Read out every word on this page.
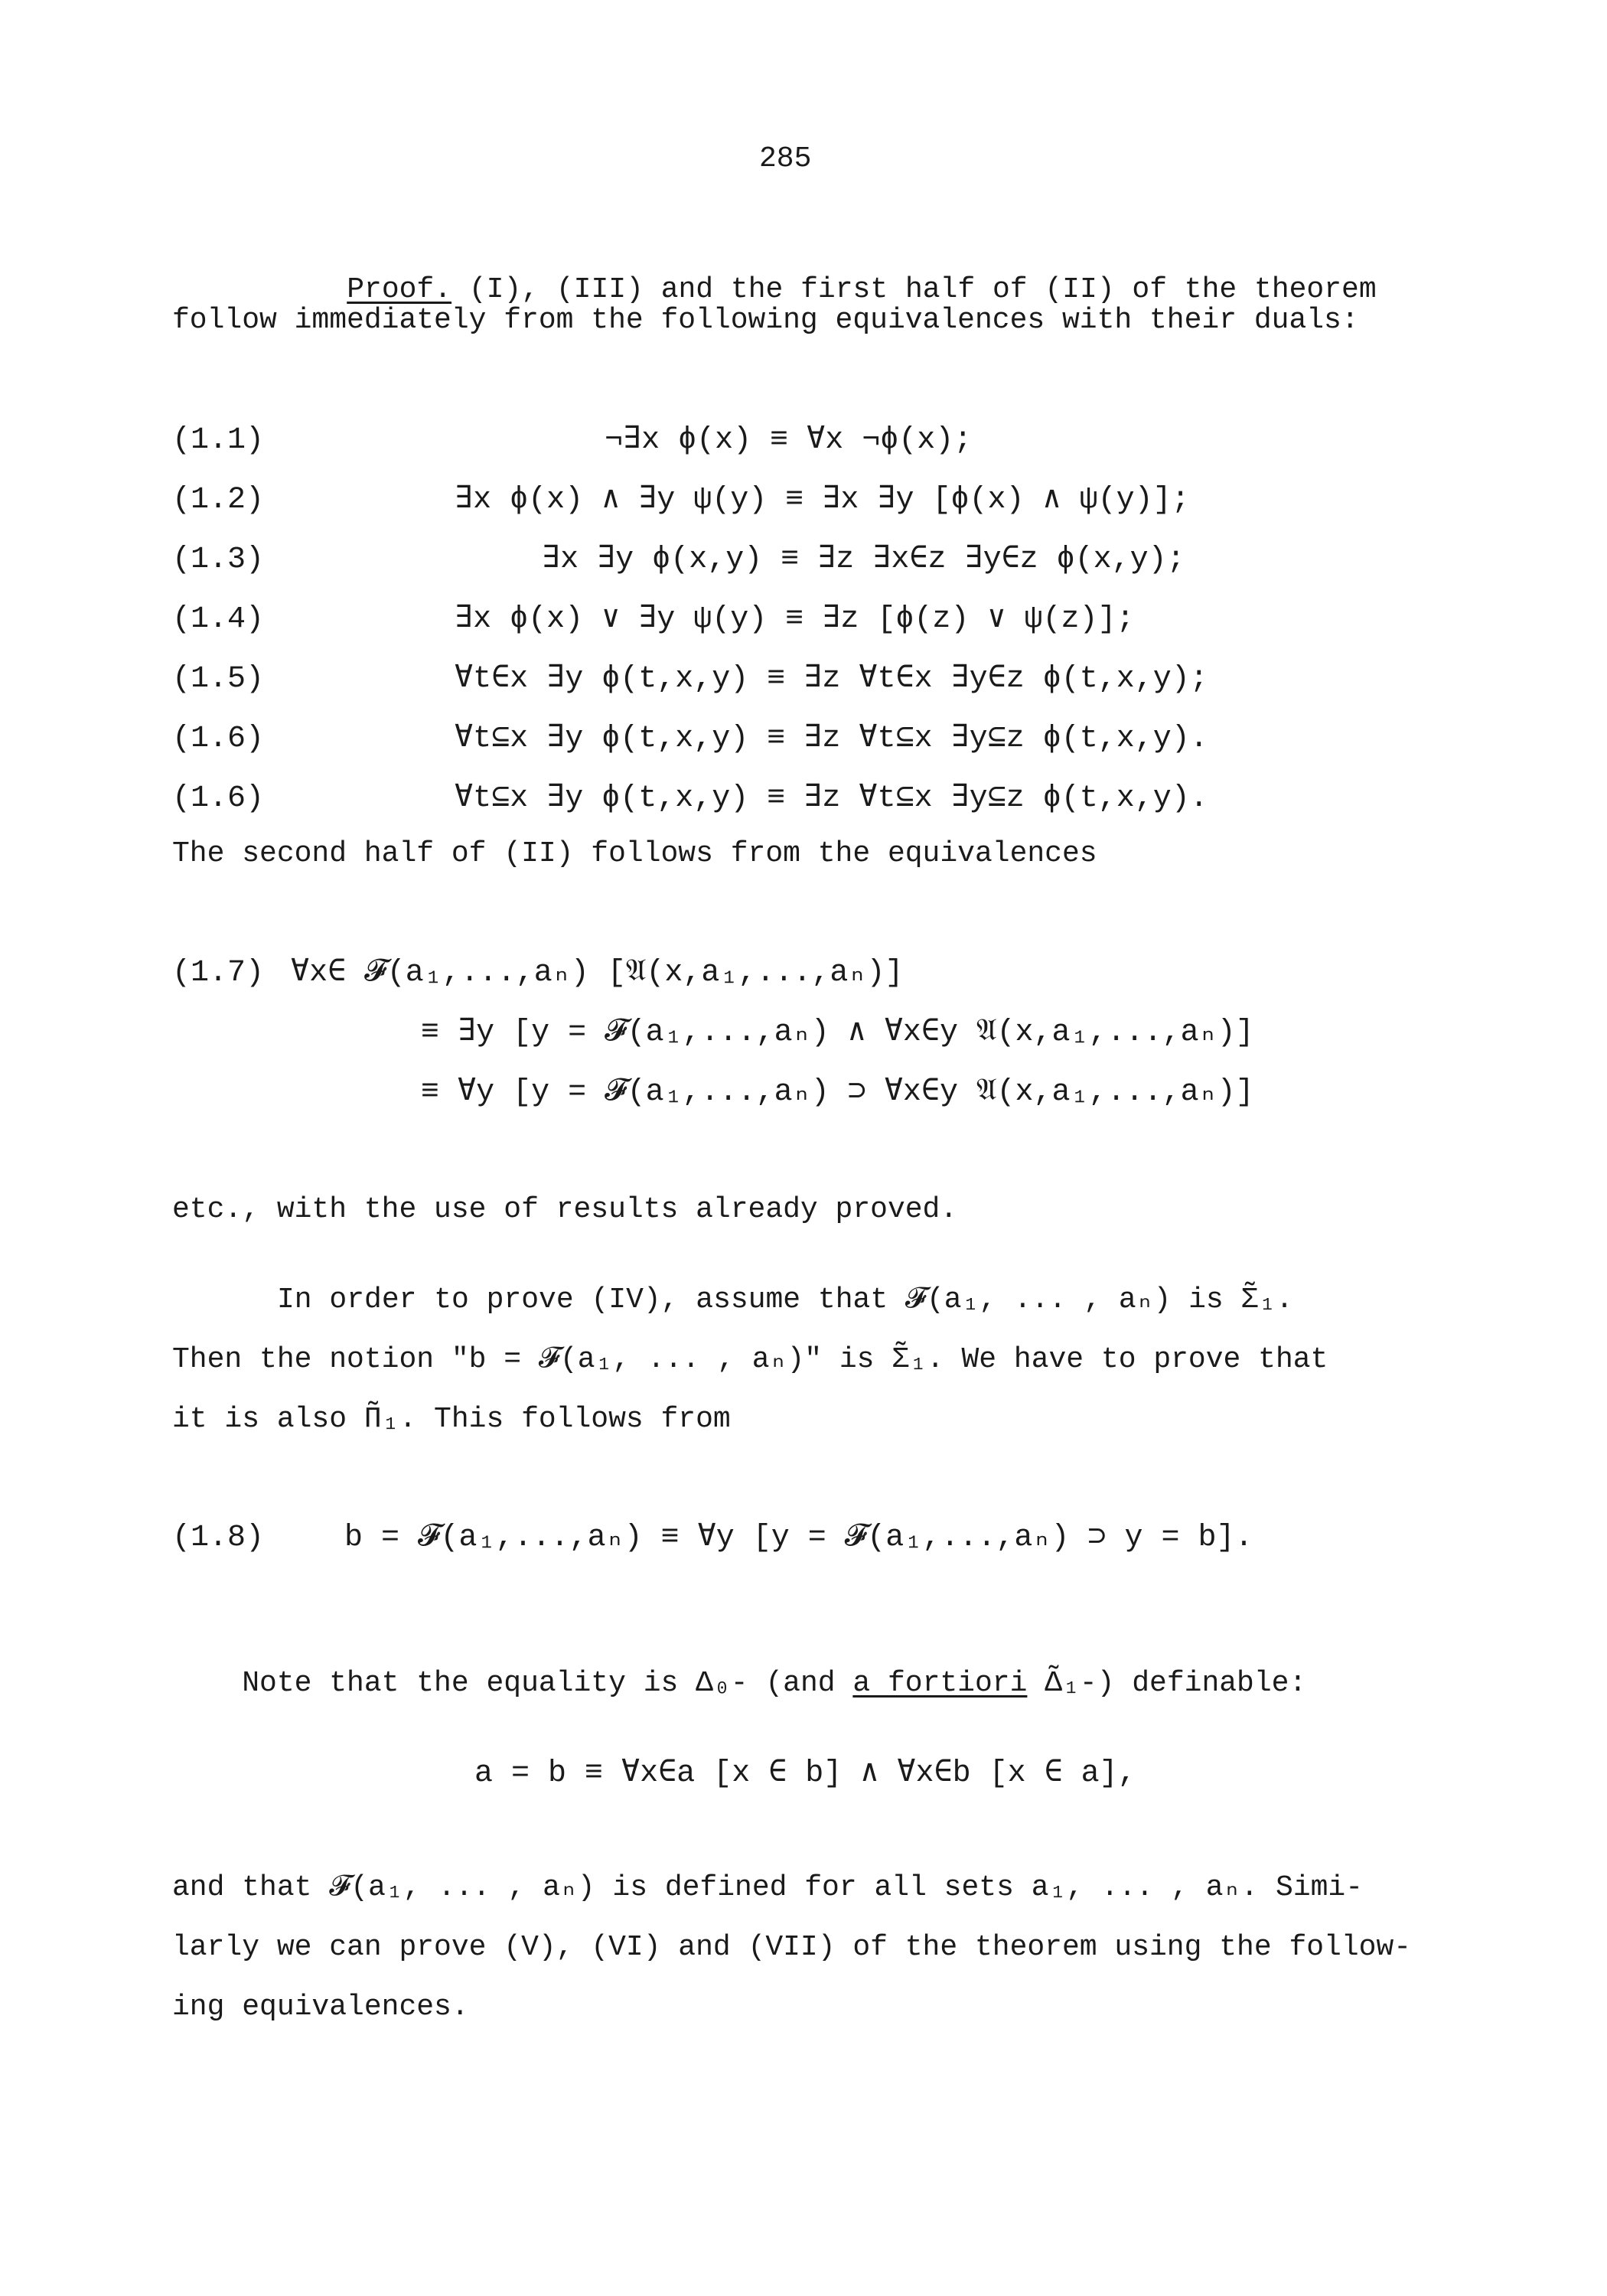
285

Proof. (I), (III) and the first half of (II) of the theorem

follow immediately from the following equivalences with their duals:
(1.1)	¬∃x ϕ(x) ≡ ∀x ¬ϕ(x);
(1.2)	∃x ϕ(x) ∧ ∃y ψ(y) ≡ ∃x ∃y [ϕ(x) ∧ ψ(y)];
(1.3)	∃x ∃y ϕ(x,y) ≡ ∃z ∃x∈z ∃y∈z ϕ(x,y);
(1.4)	∃x ϕ(x) ∨ ∃y ψ(y) ≡ ∃z [ϕ(z) ∨ ψ(z)];
(1.5)	∀t∈x ∃y ϕ(t,x,y) ≡ ∃z ∀t∈x ∃y∈z ϕ(t,x,y);
(1.6)	∀t⊆x ∃y ϕ(t,x,y) ≡ ∃z ∀t⊆x ∃y⊆z ϕ(t,x,y).
The second half of (II) follows from the equivalences
(1.7) ∀x∈ 𝓕(a₁,...,aₙ) [𝔄(x,a₁,...,aₙ)]
≡ ∃y [y = 𝓕(a₁,...,aₙ) ∧ ∀x∈y 𝔄(x,a₁,...,aₙ)]
≡ ∀y [y = 𝓕(a₁,...,aₙ) ⊃ ∀x∈y 𝔄(x,a₁,...,aₙ)]
etc., with the use of results already proved.
In order to prove (IV), assume that 𝓕(a₁, ... , aₙ) is Σ̃₁.
Then the notion "b = 𝓕(a₁, ... , aₙ)" is Σ̃₁. We have to prove that
it is also Π̃₁. This follows from
(1.8)	b = 𝓕(a₁,...,aₙ) ≡ ∀y [y = 𝓕(a₁,...,aₙ) ⊃ y = b].

Note that the equality is Δ₀- (and a fortiori Δ̃₁-) definable:

a = b ≡ ∀x∈a [x ∈ b] ∧ ∀x∈b [x ∈ a],
and that 𝓕(a₁, ... , aₙ) is defined for all sets a₁, ... , aₙ. Simi-
larly we can prove (V), (VI) and (VII) of the theorem using the follow-
ing equivalences.
(1.6)	∀t⊆x ∃y ϕ(t,x,y) ≡ ∃z ∀t⊆x ∃y⊆z ϕ(t,x,y).
